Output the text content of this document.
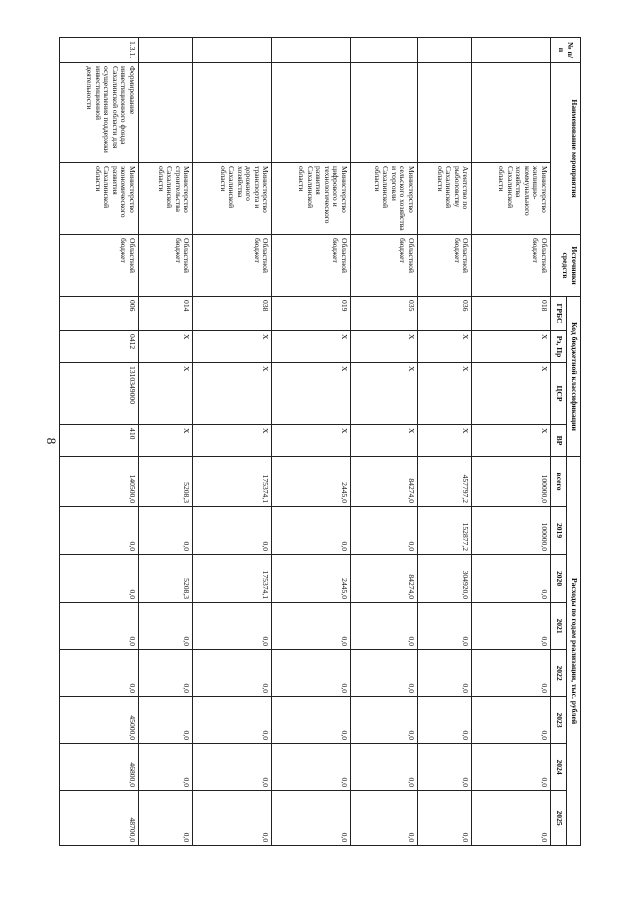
8
№ п/п	Наименование мероприятия		Источники средств	Код бюджетной классификации				Расходы по годам реализации, тыс. рублей							
				ГРБС	Рз, Пр	ЦСР	ВР	всего	2019	2020	2021	2022	2023	2024	2025
		Министерство жилищно-коммунального хозяйства Сахалинской области	Областной бюджет	018	X	X	X	100000,0	100000,0	0,0	0,0	0,0	0,0	0,0	0,0
		Агентство по рыболовству Сахалинской области	Областной бюджет	036	X	X	X	457797,2	152877,2	304920,0	0,0	0,0	0,0	0,0	0,0
		Министерство сельского хозяйства и торговли Сахалинской области	Областной бюджет	035	X	X	X	84274,0	0,0	84274,0	0,0	0,0	0,0	0,0	0,0
		Министерство цифрового и технологического развития Сахалинской области	Областной бюджет	019	X	X	X	2445,0	0,0	2445,0	0,0	0,0	0,0	0,0	0,0
		Министерство транспорта и дорожного хозяйства Сахалинской области	Областной бюджет	038	X	X	X	175374,1	0,0	175374,1	0,0	0,0	0,0	0,0	0,0
		Министерство строительства Сахалинской области	Областной бюджет	014	X	X	X	5208,3	0,0	5208,3	0,0	0,0	0,0	0,0	0,0
1.3.1.	Формирование инвестиционного фонда Сахалинской области для осуществления поддержки инвестиционной деятельности	Министерство экономического развития Сахалинской области	Областной бюджет	006	0412	1310349000	410	140500,0	0,0	0,0	0,0	0,0	45000,0	46800,0	48700,0
